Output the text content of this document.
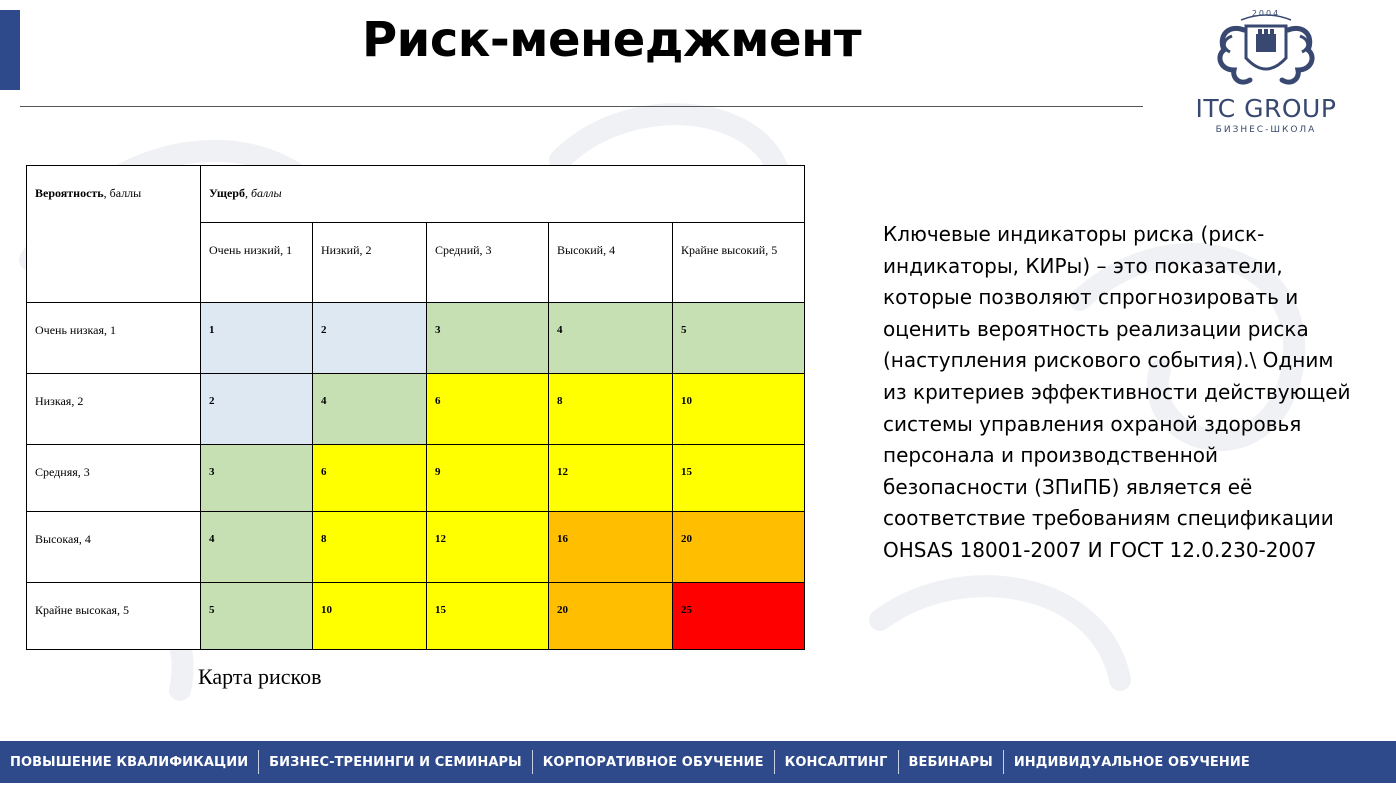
Риск-менеджмент	2004
ITC GROUP
БИЗНЕС-ШКОЛА
Вероятность, баллы	Ущерб, баллы				
	Очень низкий, 1	Низкий, 2	Средний, 3	Высокий, 4	Крайне высокий, 5
Очень низкая, 1	1	2	3	4	5
Низкая, 2	2	4	6	8	10
Средняя, 3	3	6	9	12	15
Высокая, 4	4	8	12	16	20
Крайне высокая, 5	5	10	15	20	25
Карта рисков
Ключевые индикаторы риска (риск-индикаторы, КИРы) – это показатели, которые позволяют спрогнозировать и оценить вероятность реализации риска (наступления рискового события).\ Одним из критериев эффективности действующей системы управления охраной здоровья персонала и производственной безопасности (ЗПиПБ) является её соответствие требованиям спецификации OHSAS 18001-2007 И ГОСТ 12.0.230-2007
ПОВЫШЕНИЕ КВАЛИФИКАЦИИ	БИЗНЕС-ТРЕНИНГИ И СЕМИНАРЫ	КОРПОРАТИВНОЕ ОБУЧЕНИЕ	КОНСАЛТИНГ	ВЕБИНАРЫ	ИНДИВИДУАЛЬНОЕ ОБУЧЕНИЕ
